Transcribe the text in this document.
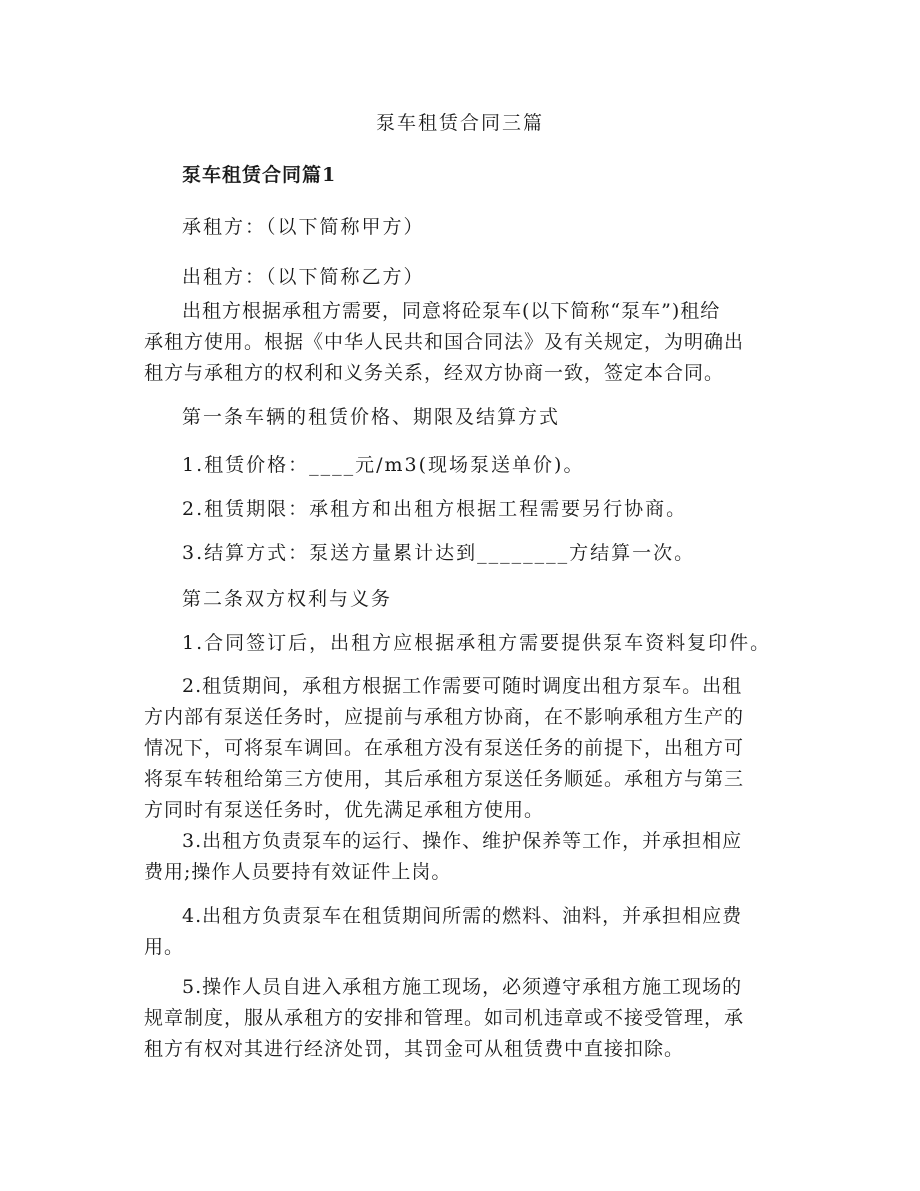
泵车租赁合同三篇
泵车租赁合同篇1
承租方：（以下简称甲方）
出租方：（以下简称乙方）
出租方根据承租方需要，同意将砼泵车(以下简称“泵车”)租给
承租方使用。根据《中华人民共和国合同法》及有关规定，为明确出
租方与承租方的权利和义务关系，经双方协商一致，签定本合同。
第一条车辆的租赁价格、期限及结算方式
1.租赁价格：____元/m3(现场泵送单价)。
2.租赁期限：承租方和出租方根据工程需要另行协商。
3.结算方式：泵送方量累计达到________方结算一次。
第二条双方权利与义务
1.合同签订后，出租方应根据承租方需要提供泵车资料复印件。
2.租赁期间，承租方根据工作需要可随时调度出租方泵车。出租
方内部有泵送任务时，应提前与承租方协商，在不影响承租方生产的
情况下，可将泵车调回。在承租方没有泵送任务的前提下，出租方可
将泵车转租给第三方使用，其后承租方泵送任务顺延。承租方与第三
方同时有泵送任务时，优先满足承租方使用。
3.出租方负责泵车的运行、操作、维护保养等工作，并承担相应
费用;操作人员要持有效证件上岗。
4.出租方负责泵车在租赁期间所需的燃料、油料，并承担相应费
用。
5.操作人员自进入承租方施工现场，必须遵守承租方施工现场的
规章制度，服从承租方的安排和管理。如司机违章或不接受管理，承
租方有权对其进行经济处罚，其罚金可从租赁费中直接扣除。
